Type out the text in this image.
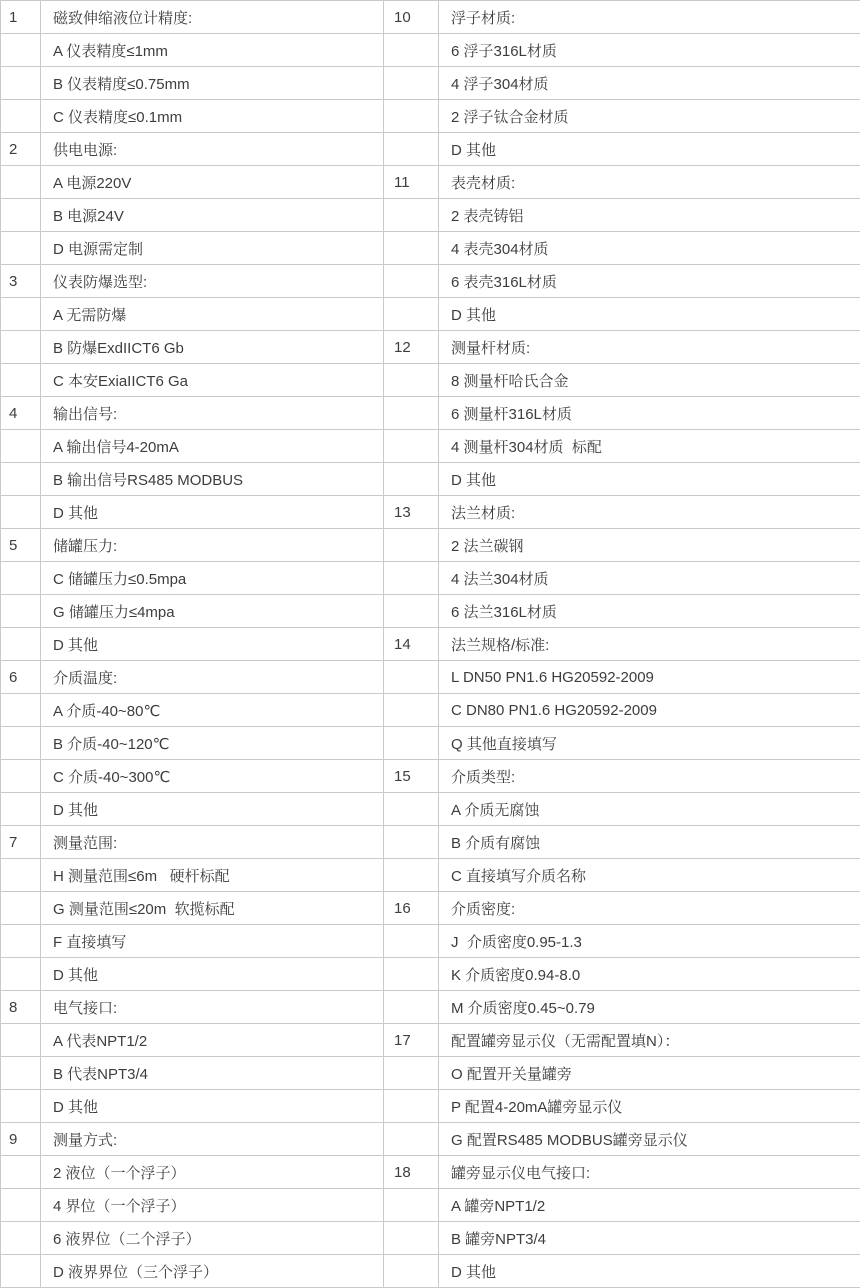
1	磁致伸缩液位计精度:	10	浮子材质:
	A 仪表精度≤1mm		6 浮子316L材质
	B 仪表精度≤0.75mm		4 浮子304材质
	C 仪表精度≤0.1mm		2 浮子钛合金材质
2	供电电源:		D 其他
	A 电源220V	11	表壳材质:
	B 电源24V		2 表壳铸铝
	D 电源需定制		4 表壳304材质
3	仪表防爆选型:		6 表壳316L材质
	A 无需防爆		D 其他
	B 防爆ExdIICT6 Gb	12	测量杆材质:
	C 本安ExiaIICT6 Ga		8 测量杆哈氏合金
4	输出信号:		6 测量杆316L材质
	A 输出信号4-20mA		4 测量杆304材质  标配
	B 输出信号RS485 MODBUS		D 其他
	D 其他	13	法兰材质:
5	储罐压力:		2 法兰碳钢
	C 储罐压力≤0.5mpa		4 法兰304材质
	G 储罐压力≤4mpa		6 法兰316L材质
	D 其他	14	法兰规格/标准:
6	介质温度:		L DN50 PN1.6 HG20592-2009
	A 介质-40~80℃		C DN80 PN1.6 HG20592-2009
	B 介质-40~120℃		Q 其他直接填写
	C 介质-40~300℃	15	介质类型:
	D 其他		A 介质无腐蚀
7	测量范围:		B 介质有腐蚀
	H 测量范围≤6m   硬杆标配		C 直接填写介质名称
	G 测量范围≤20m  软揽标配	16	介质密度:
	F 直接填写		J  介质密度0.95-1.3
	D 其他		K 介质密度0.94-8.0
8	电气接口:		M 介质密度0.45~0.79
	A 代表NPT1/2	17	配置罐旁显示仪（无需配置填N）：
	B 代表NPT3/4		O 配置开关量罐旁
	D 其他		P 配置4-20mA罐旁显示仪
9	测量方式:		G 配置RS485 MODBUS罐旁显示仪
	2 液位（一个浮子）	18	罐旁显示仪电气接口:
	4 界位（一个浮子）		A 罐旁NPT1/2
	6 液界位（二个浮子）		B 罐旁NPT3/4
	D 液界界位（三个浮子）		D 其他
